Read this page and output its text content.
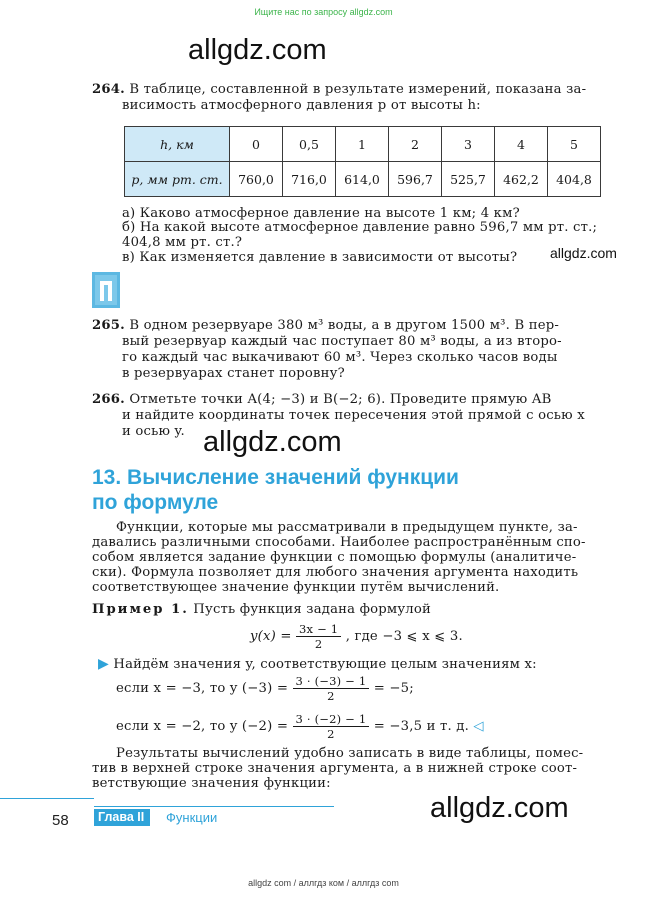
Ищите нас по запросу allgdz.com
allgdz.com
264. В таблице, составленной в результате измерений, показана за-
висимость атмосферного давления p от высоты h:
h, км	0	0,5	1	2	3	4	5
p, мм рт. ст.	760,0	716,0	614,0	596,7	525,7	462,2	404,8
а) Каково атмосферное давление на высоте 1 км; 4 км?
б) На какой высоте атмосферное давление равно 596,7 мм рт. ст.;
404,8 мм рт. ст.?
в) Как изменяется давление в зависимости от высоты? allgdz.com
265. В одном резервуаре 380 м³ воды, а в другом 1500 м³. В пер-
вый резервуар каждый час поступает 80 м³ воды, а из второ-
го каждый час выкачивают 60 м³. Через сколько часов воды
в резервуарах станет поровну?
266. Отметьте точки A(4; −3) и B(−2; 6). Проведите прямую AB
и найдите координаты точек пересечения этой прямой с осью x
и осью y. allgdz.com
13. Вычисление значений функции
по формуле
Функции, которые мы рассматривали в предыдущем пункте, за-
давались различными способами. Наиболее распространённым спо-
собом является задание функции с помощью формулы (аналитиче-
ски). Формула позволяет для любого значения аргумента находить
соответствующее значение функции путём вычислений.
Пример 1. Пусть функция задана формулой
$y(x) = \frac{3x - 1}{2}$ , где −3 ⩽ x ⩽ 3.
▶ Найдём значения y, соответствующие целым значениям x:
если x = −3, то y $(-3) = \frac{3 \cdot (-3) - 1}{2} = -5$;
если x = −2, то y $(-2) = \frac{3 \cdot (-2) - 1}{2} = -3,5$ и т. д. ◁
Результаты вычислений удобно записать в виде таблицы, помес-
тив в верхней строке значения аргумента, а в нижней строке соот-
ветствующие значения функции:
allgdz.com
58	Глава II	Функции
allgdz com / аллгдз ком / аллгдз com
